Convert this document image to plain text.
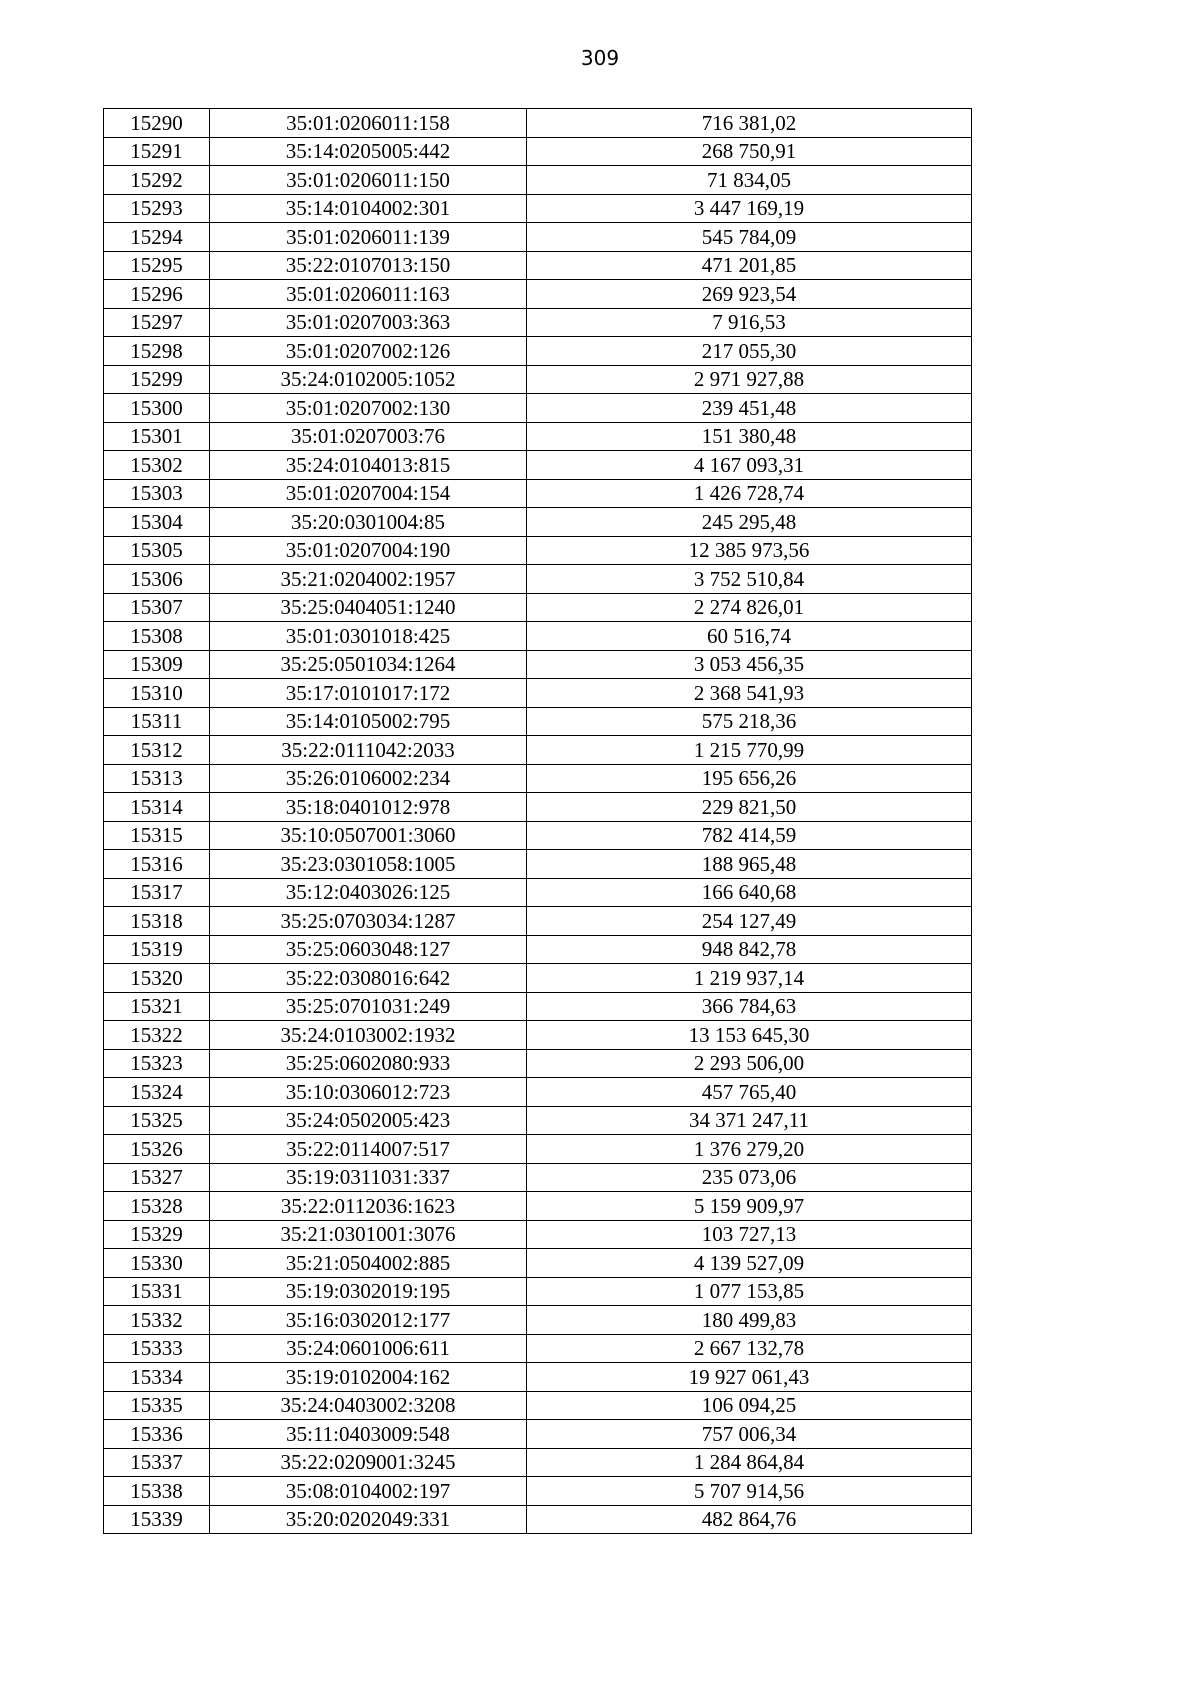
309
15290	35:01:0206011:158	716 381,02
15291	35:14:0205005:442	268 750,91
15292	35:01:0206011:150	71 834,05
15293	35:14:0104002:301	3 447 169,19
15294	35:01:0206011:139	545 784,09
15295	35:22:0107013:150	471 201,85
15296	35:01:0206011:163	269 923,54
15297	35:01:0207003:363	7 916,53
15298	35:01:0207002:126	217 055,30
15299	35:24:0102005:1052	2 971 927,88
15300	35:01:0207002:130	239 451,48
15301	35:01:0207003:76	151 380,48
15302	35:24:0104013:815	4 167 093,31
15303	35:01:0207004:154	1 426 728,74
15304	35:20:0301004:85	245 295,48
15305	35:01:0207004:190	12 385 973,56
15306	35:21:0204002:1957	3 752 510,84
15307	35:25:0404051:1240	2 274 826,01
15308	35:01:0301018:425	60 516,74
15309	35:25:0501034:1264	3 053 456,35
15310	35:17:0101017:172	2 368 541,93
15311	35:14:0105002:795	575 218,36
15312	35:22:0111042:2033	1 215 770,99
15313	35:26:0106002:234	195 656,26
15314	35:18:0401012:978	229 821,50
15315	35:10:0507001:3060	782 414,59
15316	35:23:0301058:1005	188 965,48
15317	35:12:0403026:125	166 640,68
15318	35:25:0703034:1287	254 127,49
15319	35:25:0603048:127	948 842,78
15320	35:22:0308016:642	1 219 937,14
15321	35:25:0701031:249	366 784,63
15322	35:24:0103002:1932	13 153 645,30
15323	35:25:0602080:933	2 293 506,00
15324	35:10:0306012:723	457 765,40
15325	35:24:0502005:423	34 371 247,11
15326	35:22:0114007:517	1 376 279,20
15327	35:19:0311031:337	235 073,06
15328	35:22:0112036:1623	5 159 909,97
15329	35:21:0301001:3076	103 727,13
15330	35:21:0504002:885	4 139 527,09
15331	35:19:0302019:195	1 077 153,85
15332	35:16:0302012:177	180 499,83
15333	35:24:0601006:611	2 667 132,78
15334	35:19:0102004:162	19 927 061,43
15335	35:24:0403002:3208	106 094,25
15336	35:11:0403009:548	757 006,34
15337	35:22:0209001:3245	1 284 864,84
15338	35:08:0104002:197	5 707 914,56
15339	35:20:0202049:331	482 864,76
